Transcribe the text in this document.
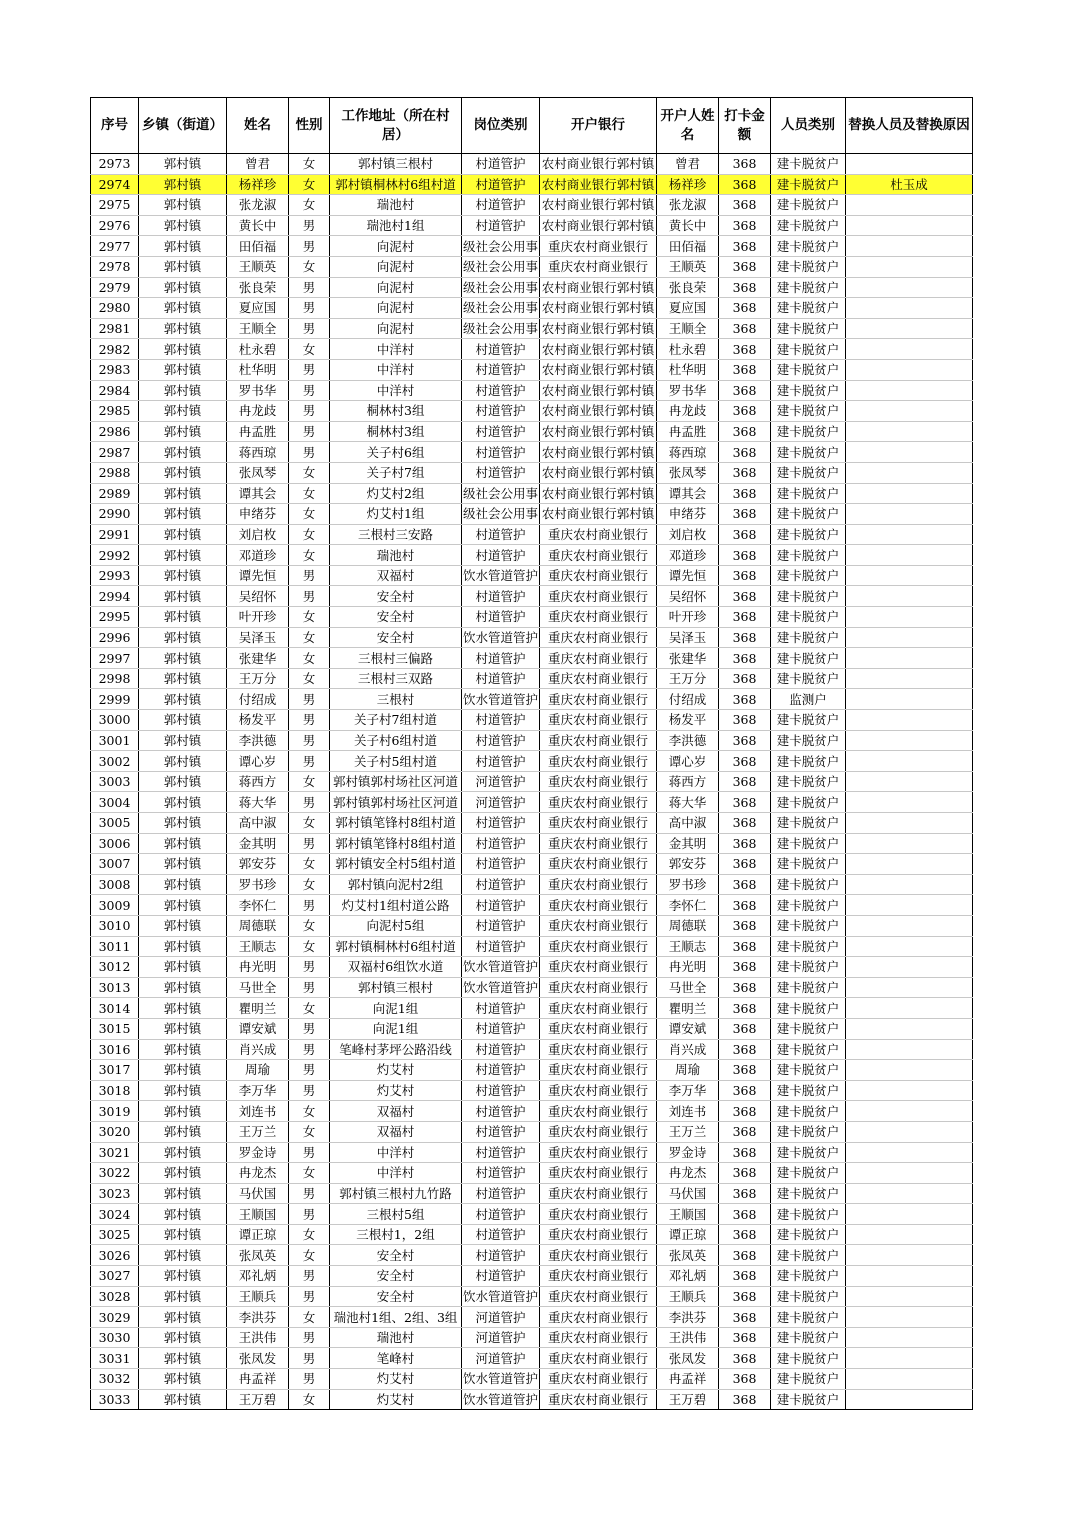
序号	乡镇（街道）	姓名	性别	工作地址（所在村居）	岗位类别	开户银行	开户人姓名	打卡金额	人员类别	替换人员及替换原因
2973	郭村镇	曾君	女	郭村镇三根村	村道管护	农村商业银行郭村镇	曾君	368	建卡脱贫户	
2974	郭村镇	杨祥珍	女	郭村镇桐林村6组村道	村道管护	农村商业银行郭村镇	杨祥珍	368	建卡脱贫户	杜玉成
2975	郭村镇	张龙淑	女	瑞池村	村道管护	农村商业银行郭村镇	张龙淑	368	建卡脱贫户	
2976	郭村镇	黄长中	男	瑞池村1组	村道管护	农村商业银行郭村镇	黄长中	368	建卡脱贫户	
2977	郭村镇	田佰福	男	向泥村	级社会公用事	重庆农村商业银行	田佰福	368	建卡脱贫户	
2978	郭村镇	王顺英	女	向泥村	级社会公用事	重庆农村商业银行	王顺英	368	建卡脱贫户	
2979	郭村镇	张良荣	男	向泥村	级社会公用事	农村商业银行郭村镇	张良荣	368	建卡脱贫户	
2980	郭村镇	夏应国	男	向泥村	级社会公用事	农村商业银行郭村镇	夏应国	368	建卡脱贫户	
2981	郭村镇	王顺全	男	向泥村	级社会公用事	农村商业银行郭村镇	王顺全	368	建卡脱贫户	
2982	郭村镇	杜永碧	女	中洋村	村道管护	农村商业银行郭村镇	杜永碧	368	建卡脱贫户	
2983	郭村镇	杜华明	男	中洋村	村道管护	农村商业银行郭村镇	杜华明	368	建卡脱贫户	
2984	郭村镇	罗书华	男	中洋村	村道管护	农村商业银行郭村镇	罗书华	368	建卡脱贫户	
2985	郭村镇	冉龙歧	男	桐林村3组	村道管护	农村商业银行郭村镇	冉龙歧	368	建卡脱贫户	
2986	郭村镇	冉孟胜	男	桐林村3组	村道管护	农村商业银行郭村镇	冉孟胜	368	建卡脱贫户	
2987	郭村镇	蒋西琼	男	关子村6组	村道管护	农村商业银行郭村镇	蒋西琼	368	建卡脱贫户	
2988	郭村镇	张凤琴	女	关子村7组	村道管护	农村商业银行郭村镇	张凤琴	368	建卡脱贫户	
2989	郭村镇	谭其会	女	灼艾村2组	级社会公用事	农村商业银行郭村镇	谭其会	368	建卡脱贫户	
2990	郭村镇	申绪芬	女	灼艾村1组	级社会公用事	农村商业银行郭村镇	申绪芬	368	建卡脱贫户	
2991	郭村镇	刘启枚	女	三根村三安路	村道管护	重庆农村商业银行	刘启枚	368	建卡脱贫户	
2992	郭村镇	邓道珍	女	瑞池村	村道管护	重庆农村商业银行	邓道珍	368	建卡脱贫户	
2993	郭村镇	谭先恒	男	双福村	饮水管道管护	重庆农村商业银行	谭先恒	368	建卡脱贫户	
2994	郭村镇	吴绍怀	男	安全村	村道管护	重庆农村商业银行	吴绍怀	368	建卡脱贫户	
2995	郭村镇	叶开珍	女	安全村	村道管护	重庆农村商业银行	叶开珍	368	建卡脱贫户	
2996	郭村镇	吴泽玉	女	安全村	饮水管道管护	重庆农村商业银行	吴泽玉	368	建卡脱贫户	
2997	郭村镇	张建华	女	三根村三偏路	村道管护	重庆农村商业银行	张建华	368	建卡脱贫户	
2998	郭村镇	王万分	女	三根村三双路	村道管护	重庆农村商业银行	王万分	368	建卡脱贫户	
2999	郭村镇	付绍成	男	三根村	饮水管道管护	重庆农村商业银行	付绍成	368	监测户	
3000	郭村镇	杨发平	男	关子村7组村道	村道管护	重庆农村商业银行	杨发平	368	建卡脱贫户	
3001	郭村镇	李洪德	男	关子村6组村道	村道管护	重庆农村商业银行	李洪德	368	建卡脱贫户	
3002	郭村镇	谭心岁	男	关子村5组村道	村道管护	重庆农村商业银行	谭心岁	368	建卡脱贫户	
3003	郭村镇	蒋西方	女	郭村镇郭村场社区河道	河道管护	重庆农村商业银行	蒋西方	368	建卡脱贫户	
3004	郭村镇	蒋大华	男	郭村镇郭村场社区河道	河道管护	重庆农村商业银行	蒋大华	368	建卡脱贫户	
3005	郭村镇	高中淑	女	郭村镇笔锋村8组村道	村道管护	重庆农村商业银行	高中淑	368	建卡脱贫户	
3006	郭村镇	金其明	男	郭村镇笔锋村8组村道	村道管护	重庆农村商业银行	金其明	368	建卡脱贫户	
3007	郭村镇	郭安芬	女	郭村镇安全村5组村道	村道管护	重庆农村商业银行	郭安芬	368	建卡脱贫户	
3008	郭村镇	罗书珍	女	郭村镇向泥村2组	村道管护	重庆农村商业银行	罗书珍	368	建卡脱贫户	
3009	郭村镇	李怀仁	男	灼艾村1组村道公路	村道管护	重庆农村商业银行	李怀仁	368	建卡脱贫户	
3010	郭村镇	周德联	女	向泥村5组	村道管护	重庆农村商业银行	周德联	368	建卡脱贫户	
3011	郭村镇	王顺志	女	郭村镇桐林村6组村道	村道管护	重庆农村商业银行	王顺志	368	建卡脱贫户	
3012	郭村镇	冉光明	男	双福村6组饮水道	饮水管道管护	重庆农村商业银行	冉光明	368	建卡脱贫户	
3013	郭村镇	马世全	男	郭村镇三根村	饮水管道管护	重庆农村商业银行	马世全	368	建卡脱贫户	
3014	郭村镇	瞿明兰	女	向泥1组	村道管护	重庆农村商业银行	瞿明兰	368	建卡脱贫户	
3015	郭村镇	谭安斌	男	向泥1组	村道管护	重庆农村商业银行	谭安斌	368	建卡脱贫户	
3016	郭村镇	肖兴成	男	笔峰村茅坪公路沿线	村道管护	重庆农村商业银行	肖兴成	368	建卡脱贫户	
3017	郭村镇	周瑜	男	灼艾村	村道管护	重庆农村商业银行	周瑜	368	建卡脱贫户	
3018	郭村镇	李万华	男	灼艾村	村道管护	重庆农村商业银行	李万华	368	建卡脱贫户	
3019	郭村镇	刘连书	女	双福村	村道管护	重庆农村商业银行	刘连书	368	建卡脱贫户	
3020	郭村镇	王万兰	女	双福村	村道管护	重庆农村商业银行	王万兰	368	建卡脱贫户	
3021	郭村镇	罗金诗	男	中洋村	村道管护	重庆农村商业银行	罗金诗	368	建卡脱贫户	
3022	郭村镇	冉龙杰	女	中洋村	村道管护	重庆农村商业银行	冉龙杰	368	建卡脱贫户	
3023	郭村镇	马伏国	男	郭村镇三根村九竹路	村道管护	重庆农村商业银行	马伏国	368	建卡脱贫户	
3024	郭村镇	王顺国	男	三根村5组	村道管护	重庆农村商业银行	王顺国	368	建卡脱贫户	
3025	郭村镇	谭正琼	女	三根村1，2组	村道管护	重庆农村商业银行	谭正琼	368	建卡脱贫户	
3026	郭村镇	张凤英	女	安全村	村道管护	重庆农村商业银行	张凤英	368	建卡脱贫户	
3027	郭村镇	邓礼炳	男	安全村	村道管护	重庆农村商业银行	邓礼炳	368	建卡脱贫户	
3028	郭村镇	王顺兵	男	安全村	饮水管道管护	重庆农村商业银行	王顺兵	368	建卡脱贫户	
3029	郭村镇	李洪芬	女	瑞池村1组、2组、3组	河道管护	重庆农村商业银行	李洪芬	368	建卡脱贫户	
3030	郭村镇	王洪伟	男	瑞池村	河道管护	重庆农村商业银行	王洪伟	368	建卡脱贫户	
3031	郭村镇	张凤发	男	笔峰村	河道管护	重庆农村商业银行	张凤发	368	建卡脱贫户	
3032	郭村镇	冉孟祥	男	灼艾村	饮水管道管护	重庆农村商业银行	冉孟祥	368	建卡脱贫户	
3033	郭村镇	王万碧	女	灼艾村	饮水管道管护	重庆农村商业银行	王万碧	368	建卡脱贫户	
